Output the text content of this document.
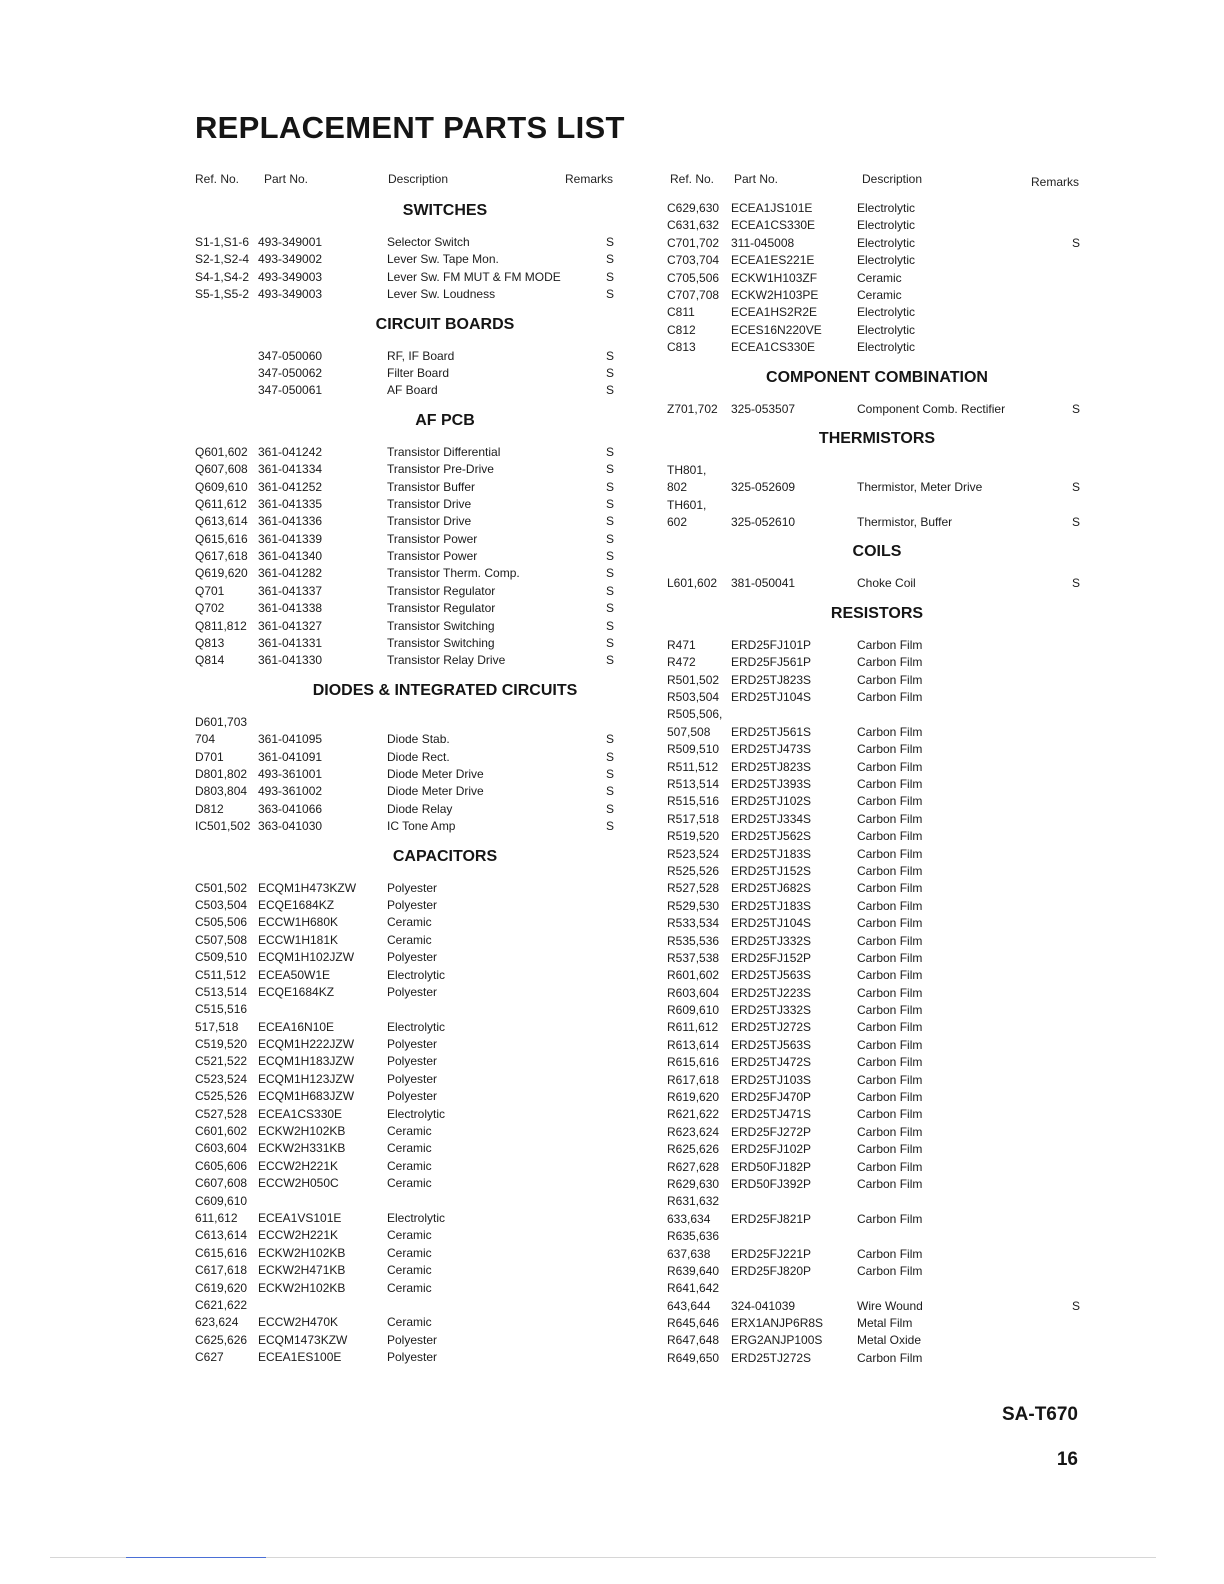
REPLACEMENT PARTS LIST
Ref. No. Part No.	Description	Remarks
SWITCHES
S1-1,S1-6 493-349001	Selector Switch	S
S2-1,S2-4 493-349002	Lever Sw. Tape Mon.	S
S4-1,S4-2 493-349003	Lever Sw. FM MUT & FM MODE	S
S5-1,S5-2 493-349003	Lever Sw. Loudness	S
CIRCUIT BOARDS
347-050060	RF, IF Board	S
347-050062	Filter Board	S
347-050061	AF Board	S
AF PCB
Q601,602 361-041242	Transistor Differential	S
Q607,608 361-041334	Transistor Pre-Drive	S
Q609,610 361-041252	Transistor Buffer	S
Q611,612 361-041335	Transistor Drive	S
Q613,614 361-041336	Transistor Drive	S
Q615,616 361-041339	Transistor Power	S
Q617,618 361-041340	Transistor Power	S
Q619,620 361-041282	Transistor Therm. Comp.	S
Q701	361-041337	Transistor Regulator	S
Q702	361-041338	Transistor Regulator	S
Q811,812 361-041327	Transistor Switching	S
Q813	361-041331	Transistor Switching	S
Q814	361-041330	Transistor Relay Drive	S
DIODES & INTEGRATED CIRCUITS
D601,703
704	361-041095	Diode Stab.	S
D701	361-041091	Diode Rect.	S
D801,802 493-361001	Diode Meter Drive	S
D803,804 493-361002	Diode Meter Drive	S
D812	363-041066	Diode Relay	S
IC501,502 363-041030	IC Tone Amp	S
CAPACITORS
C501,502 ECQM1H473KZW	Polyester
C503,504 ECQE1684KZ	Polyester
C505,506 ECCW1H680K	Ceramic
C507,508 ECCW1H181K	Ceramic
C509,510 ECQM1H102JZW	Polyester
C511,512 ECEA50W1E	Electrolytic
C513,514 ECQE1684KZ	Polyester
C515,516
517,518 ECEA16N10E	Electrolytic
C519,520 ECQM1H222JZW	Polyester
C521,522 ECQM1H183JZW	Polyester
C523,524 ECQM1H123JZW	Polyester
C525,526 ECQM1H683JZW	Polyester
C527,528 ECEA1CS330E	Electrolytic
C601,602 ECKW2H102KB	Ceramic
C603,604 ECKW2H331KB	Ceramic
C605,606 ECCW2H221K	Ceramic
C607,608 ECCW2H050C	Ceramic
C609,610
611,612 ECEA1VS101E	Electrolytic
C613,614 ECCW2H221K	Ceramic
C615,616 ECKW2H102KB	Ceramic
C617,618 ECKW2H471KB	Ceramic
C619,620 ECKW2H102KB	Ceramic
C621,622
623,624 ECCW2H470K	Ceramic
C625,626 ECQM1473KZW	Polyester
C627	ECEA1ES100E	Polyester
Ref. No. Part No.	Description	Remarks
C629,630 ECEA1JS101E	Electrolytic
C631,632 ECEA1CS330E	Electrolytic
C701,702 311-045008	Electrolytic	S
C703,704 ECEA1ES221E	Electrolytic
C705,506 ECKW1H103ZF	Ceramic
C707,708 ECKW2H103PE	Ceramic
C811	ECEA1HS2R2E	Electrolytic
C812	ECES16N220VE	Electrolytic
C813	ECEA1CS330E	Electrolytic
COMPONENT COMBINATION
Z701,702 325-053507	Component Comb. Rectifier	S
THERMISTORS
TH801,
802	325-052609	Thermistor, Meter Drive	S
TH601,
602	325-052610	Thermistor, Buffer	S
COILS
L601,602 381-050041	Choke Coil	S
RESISTORS
R471	ERD25FJ101P	Carbon Film
R472	ERD25FJ561P	Carbon Film
R501,502 ERD25TJ823S	Carbon Film
R503,504 ERD25TJ104S	Carbon Film
R505,506,
507,508 ERD25TJ561S	Carbon Film
R509,510 ERD25TJ473S	Carbon Film
R511,512 ERD25TJ823S	Carbon Film
R513,514 ERD25TJ393S	Carbon Film
R515,516 ERD25TJ102S	Carbon Film
R517,518 ERD25TJ334S	Carbon Film
R519,520 ERD25TJ562S	Carbon Film
R523,524 ERD25TJ183S	Carbon Film
R525,526 ERD25TJ152S	Carbon Film
R527,528 ERD25TJ682S	Carbon Film
R529,530 ERD25TJ183S	Carbon Film
R533,534 ERD25TJ104S	Carbon Film
R535,536 ERD25TJ332S	Carbon Film
R537,538 ERD25FJ152P	Carbon Film
R601,602 ERD25TJ563S	Carbon Film
R603,604 ERD25TJ223S	Carbon Film
R609,610 ERD25TJ332S	Carbon Film
R611,612 ERD25TJ272S	Carbon Film
R613,614 ERD25TJ563S	Carbon Film
R615,616 ERD25TJ472S	Carbon Film
R617,618 ERD25TJ103S	Carbon Film
R619,620 ERD25FJ470P	Carbon Film
R621,622 ERD25TJ471S	Carbon Film
R623,624 ERD25FJ272P	Carbon Film
R625,626 ERD25FJ102P	Carbon Film
R627,628 ERD50FJ182P	Carbon Film
R629,630 ERD50FJ392P	Carbon Film
R631,632
633,634 ERD25FJ821P	Carbon Film
R635,636
637,638 ERD25FJ221P	Carbon Film
R639,640 ERD25FJ820P	Carbon Film
R641,642
643,644 324-041039	Wire Wound	S
R645,646 ERX1ANJP6R8S	Metal Film
R647,648 ERG2ANJP100S	Metal Oxide
R649,650 ERD25TJ272S	Carbon Film
SA-T670
16
